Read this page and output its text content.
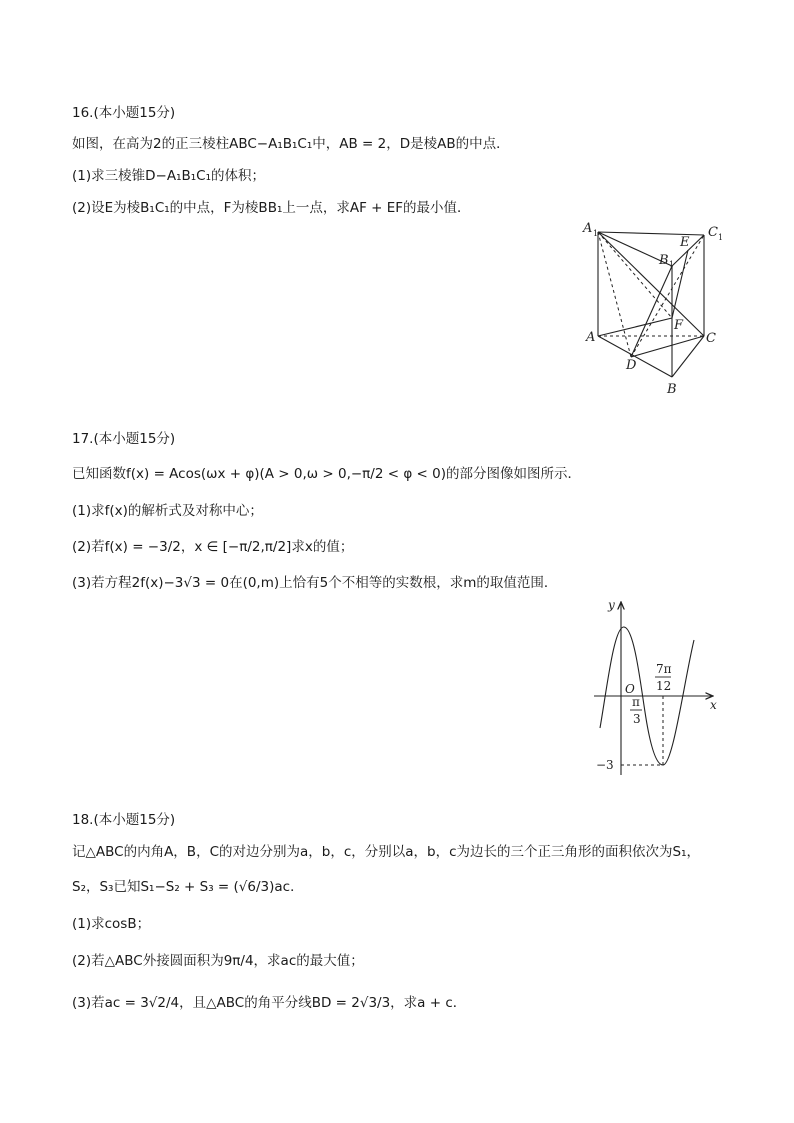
16.(本小题15分)
如图，在高为2的正三棱柱ABC−A₁B₁C₁中，AB = 2，D是棱AB的中点．
(1)求三棱锥D−A₁B₁C₁的体积；
(2)设E为棱B₁C₁的中点，F为棱BB₁上一点，求AF + EF的最小值．
A 1	C 1
E
B 1
F
A	C
D
B
17.(本小题15分)
已知函数f(x) = Acos(ωx + φ)(A > 0,ω > 0,−π/2 < φ < 0)的部分图像如图所示．
(1)求f(x)的解析式及对称中心；
(2)若f(x) = −3/2，x ∈ [−π/2,π/2]求x的值；
(3)若方程2f(x)−3√3 = 0在(0,m)上恰有5个不相等的实数根，求m的取值范围．
y
x
O
7π
12
π
3
−3
18.(本小题15分)
记△ABC的内角A，B，C的对边分别为a，b，c，分别以a，b，c为边长的三个正三角形的面积依次为S₁，
S₂，S₃已知S₁−S₂ + S₃ = (√6/3)ac．
(1)求cosB；
(2)若△ABC外接圆面积为9π/4，求ac的最大值；
(3)若ac = 3√2/4，且△ABC的角平分线BD = 2√3/3，求a + c．
